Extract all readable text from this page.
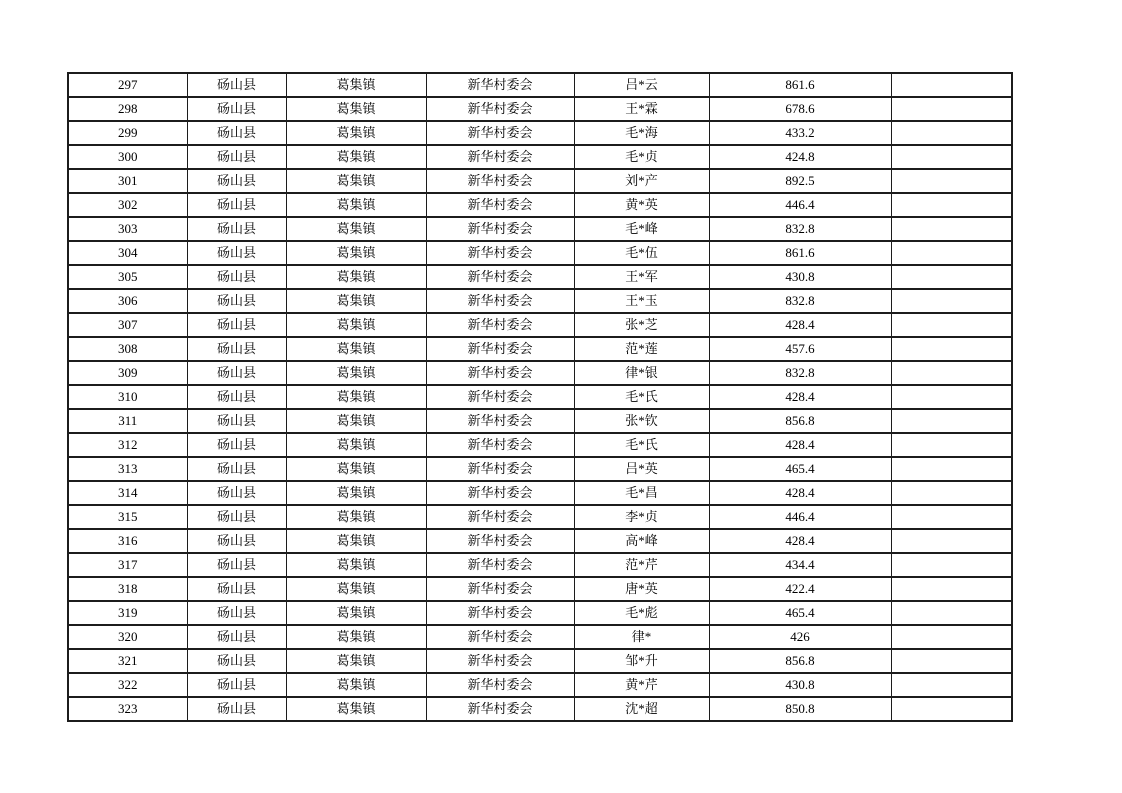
297	砀山县	葛集镇	新华村委会	吕*云	861.6	
298	砀山县	葛集镇	新华村委会	王*霖	678.6	
299	砀山县	葛集镇	新华村委会	毛*海	433.2	
300	砀山县	葛集镇	新华村委会	毛*贞	424.8	
301	砀山县	葛集镇	新华村委会	刘*产	892.5	
302	砀山县	葛集镇	新华村委会	黄*英	446.4	
303	砀山县	葛集镇	新华村委会	毛*峰	832.8	
304	砀山县	葛集镇	新华村委会	毛*伍	861.6	
305	砀山县	葛集镇	新华村委会	王*军	430.8	
306	砀山县	葛集镇	新华村委会	王*玉	832.8	
307	砀山县	葛集镇	新华村委会	张*芝	428.4	
308	砀山县	葛集镇	新华村委会	范*莲	457.6	
309	砀山县	葛集镇	新华村委会	律*银	832.8	
310	砀山县	葛集镇	新华村委会	毛*氏	428.4	
311	砀山县	葛集镇	新华村委会	张*钦	856.8	
312	砀山县	葛集镇	新华村委会	毛*氏	428.4	
313	砀山县	葛集镇	新华村委会	吕*英	465.4	
314	砀山县	葛集镇	新华村委会	毛*昌	428.4	
315	砀山县	葛集镇	新华村委会	李*贞	446.4	
316	砀山县	葛集镇	新华村委会	高*峰	428.4	
317	砀山县	葛集镇	新华村委会	范*芹	434.4	
318	砀山县	葛集镇	新华村委会	唐*英	422.4	
319	砀山县	葛集镇	新华村委会	毛*彪	465.4	
320	砀山县	葛集镇	新华村委会	律*	426	
321	砀山县	葛集镇	新华村委会	邹*升	856.8	
322	砀山县	葛集镇	新华村委会	黄*芹	430.8	
323	砀山县	葛集镇	新华村委会	沈*超	850.8	
